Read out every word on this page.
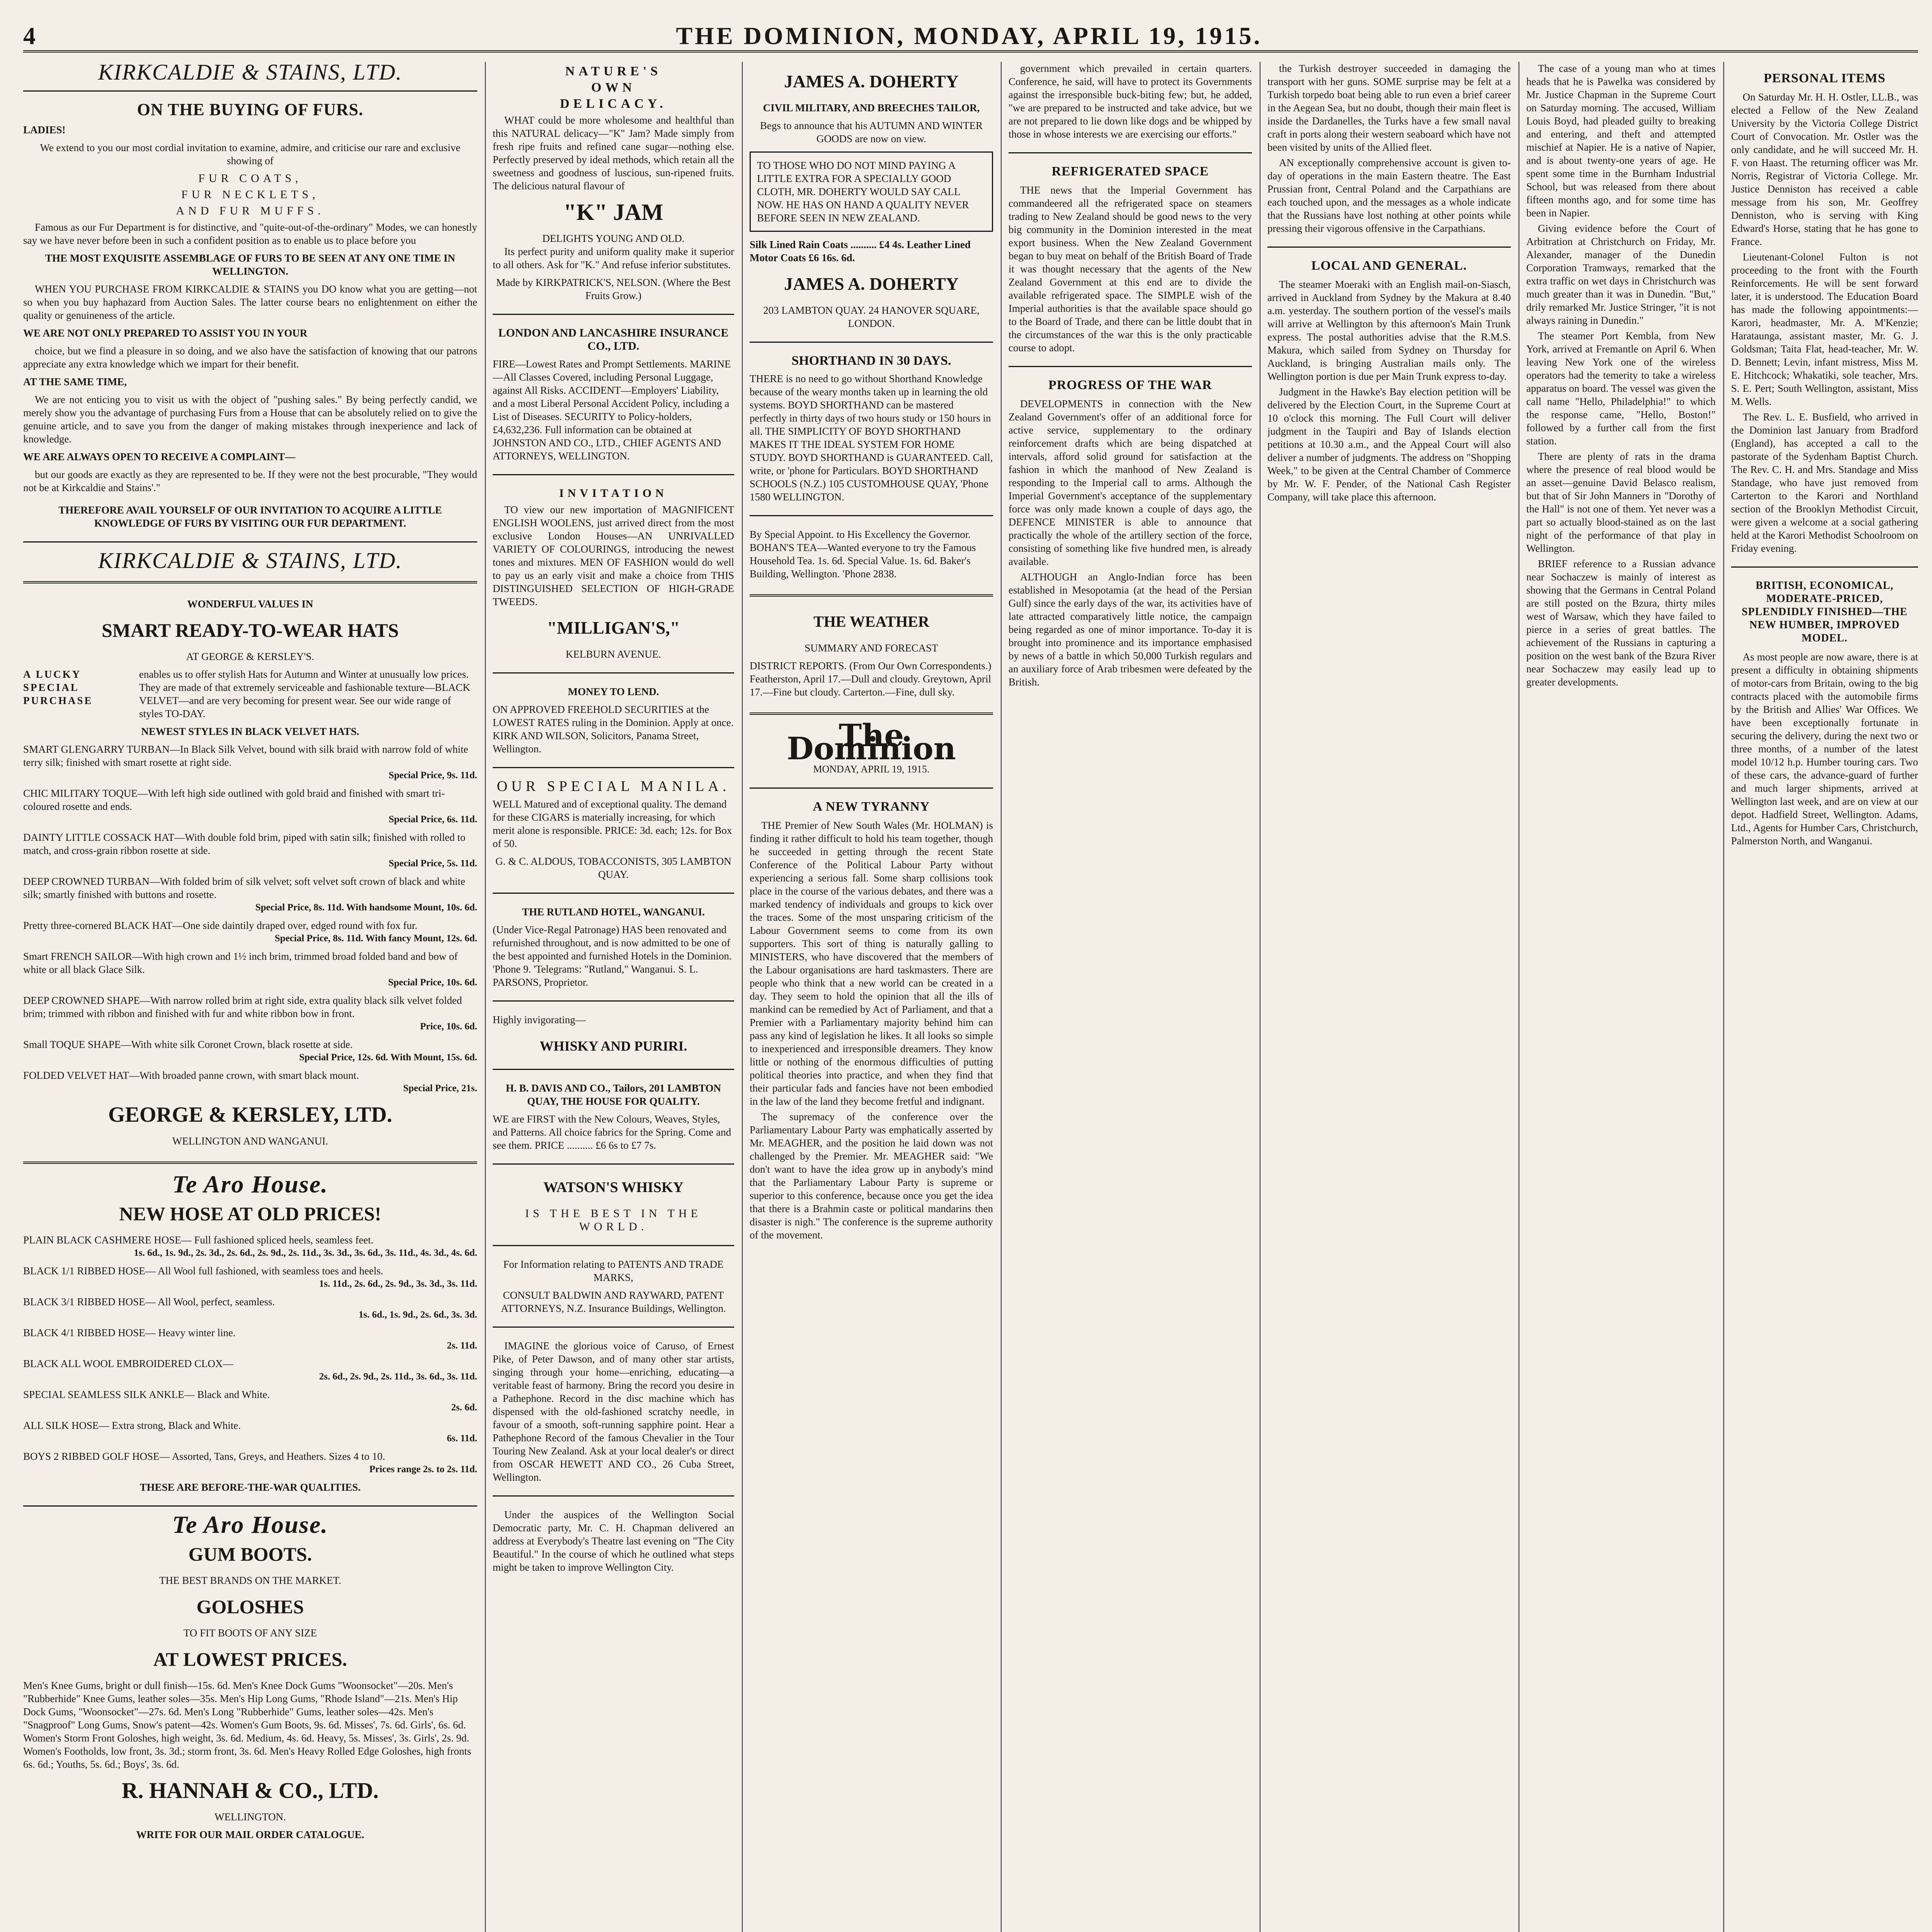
4	THE DOMINION, MONDAY, APRIL 19, 1915.
KIRKCALDIE & STAINS, LTD.
ON THE BUYING OF FURS.
LADIES!
We extend to you our most cordial invitation to examine, admire, and criticise our rare and exclusive showing of
FUR COATS,
FUR NECKLETS,
AND FUR MUFFS.
Famous as our Fur Department is for distinctive, and "quite-out-of-the-ordinary" Modes, we can honestly say we have never before been in such a confident position as to enable us to place before you
THE MOST EXQUISITE ASSEMBLAGE OF FURS TO BE SEEN AT ANY ONE TIME IN WELLINGTON.
WHEN YOU PURCHASE FROM KIRKCALDIE & STAINS you DO know what you are getting—not so when you buy haphazard from Auction Sales. The latter course bears no enlightenment on either the quality or genuineness of the article.
WE ARE NOT ONLY PREPARED TO ASSIST YOU IN YOUR
choice, but we find a pleasure in so doing, and we also have the satisfaction of knowing that our patrons appreciate any extra knowledge which we impart for their benefit.
AT THE SAME TIME,
We are not enticing you to visit us with the object of "pushing sales." By being perfectly candid, we merely show you the advantage of purchasing Furs from a House that can be absolutely relied on to give the genuine article, and to save you from the danger of making mistakes through inexperience and lack of knowledge.
WE ARE ALWAYS OPEN TO RECEIVE A COMPLAINT—
but our goods are exactly as they are represented to be. If they were not the best procurable, "They would not be at Kirkcaldie and Stains'."
THEREFORE AVAIL YOURSELF OF OUR INVITATION TO ACQUIRE A LITTLE KNOWLEDGE OF FURS BY VISITING OUR FUR DEPARTMENT.
KIRKCALDIE & STAINS, LTD.
WONDERFUL VALUES IN
SMART READY-TO-WEAR HATS
AT GEORGE & KERSLEY'S.
A LUCKY SPECIAL PURCHASE
enables us to offer stylish Hats for Autumn and Winter at unusually low prices. They are made of that extremely serviceable and fashionable texture—BLACK VELVET—and are very becoming for present wear. See our wide range of styles TO-DAY.
NEWEST STYLES IN BLACK VELVET HATS.
SMART GLENGARRY TURBAN—In Black Silk Velvet, bound with silk braid with narrow fold of white terry silk; finished with smart rosette at right side.
Special Price, 9s. 11d.
CHIC MILITARY TOQUE—With left high side outlined with gold braid and finished with smart tri-coloured rosette and ends.
Special Price, 6s. 11d.
DAINTY LITTLE COSSACK HAT—With double fold brim, piped with satin silk; finished with rolled to match, and cross-grain ribbon rosette at side.
Special Price, 5s. 11d.
DEEP CROWNED TURBAN—With folded brim of silk velvet; soft velvet soft crown of black and white silk; smartly finished with buttons and rosette.
Special Price, 8s. 11d. With handsome Mount, 10s. 6d.
Pretty three-cornered BLACK HAT—One side daintily draped over, edged round with fox fur.
Special Price, 8s. 11d. With fancy Mount, 12s. 6d.
Smart FRENCH SAILOR—With high crown and 1½ inch brim, trimmed broad folded band and bow of white or all black Glace Silk.
Special Price, 10s. 6d.
DEEP CROWNED SHAPE—With narrow rolled brim at right side, extra quality black silk velvet folded brim; trimmed with ribbon and finished with fur and white ribbon bow in front.
Price, 10s. 6d.
Small TOQUE SHAPE—With white silk Coronet Crown, black rosette at side.
Special Price, 12s. 6d. With Mount, 15s. 6d.
FOLDED VELVET HAT—With broaded panne crown, with smart black mount.
Special Price, 21s.
GEORGE & KERSLEY, LTD.
WELLINGTON AND WANGANUI.
Te Aro House.
NEW HOSE AT OLD PRICES!
PLAIN BLACK CASHMERE HOSE— Full fashioned spliced heels, seamless feet.
1s. 6d., 1s. 9d., 2s. 3d., 2s. 6d., 2s. 9d., 2s. 11d., 3s. 3d., 3s. 6d., 3s. 11d., 4s. 3d., 4s. 6d.
BLACK 1/1 RIBBED HOSE— All Wool full fashioned, with seamless toes and heels.
1s. 11d., 2s. 6d., 2s. 9d., 3s. 3d., 3s. 11d.
BLACK 3/1 RIBBED HOSE— All Wool, perfect, seamless.
1s. 6d., 1s. 9d., 2s. 6d., 3s. 3d.
BLACK 4/1 RIBBED HOSE— Heavy winter line.
2s. 11d.
BLACK ALL WOOL EMBROIDERED CLOX—
2s. 6d., 2s. 9d., 2s. 11d., 3s. 6d., 3s. 11d.
SPECIAL SEAMLESS SILK ANKLE— Black and White.
2s. 6d.
ALL SILK HOSE— Extra strong, Black and White.
6s. 11d.
BOYS 2 RIBBED GOLF HOSE— Assorted, Tans, Greys, and Heathers. Sizes 4 to 10.
Prices range 2s. to 2s. 11d.
THESE ARE BEFORE-THE-WAR QUALITIES.
Te Aro House.
GUM BOOTS.
THE BEST BRANDS ON THE MARKET.
GOLOSHES
TO FIT BOOTS OF ANY SIZE
AT LOWEST PRICES.
Men's Knee Gums, bright or dull finish—15s. 6d. Men's Knee Dock Gums "Woonsocket"—20s. Men's "Rubberhide" Knee Gums, leather soles—35s. Men's Hip Long Gums, "Rhode Island"—21s. Men's Hip Dock Gums, "Woonsocket"—27s. 6d. Men's Long "Rubberhide" Gums, leather soles—42s. Men's "Snagproof" Long Gums, Snow's patent—42s. Women's Gum Boots, 9s. 6d. Misses', 7s. 6d. Girls', 6s. 6d. Women's Storm Front Goloshes, high weight, 3s. 6d. Medium, 4s. 6d. Heavy, 5s. Misses', 3s. Girls', 2s. 9d. Women's Footholds, low front, 3s. 3d.; storm front, 3s. 6d. Men's Heavy Rolled Edge Goloshes, high fronts 6s. 6d.; Youths, 5s. 6d.; Boys', 3s. 6d.
R. HANNAH & CO., LTD.
WELLINGTON.
WRITE FOR OUR MAIL ORDER CATALOGUE.
NATURE'S
OWN
DELICACY.
WHAT could be more wholesome and healthful than this NATURAL delicacy—"K" Jam? Made simply from fresh ripe fruits and refined cane sugar—nothing else. Perfectly preserved by ideal methods, which retain all the sweetness and goodness of luscious, sun-ripened fruits. The delicious natural flavour of
"K" JAM
DELIGHTS YOUNG AND OLD.
Its perfect purity and uniform quality make it superior to all others. Ask for "K." And refuse inferior substitutes.
Made by KIRKPATRICK'S, NELSON. (Where the Best Fruits Grow.)
LONDON AND LANCASHIRE INSURANCE CO., LTD.
FIRE—Lowest Rates and Prompt Settlements. MARINE—All Classes Covered, including Personal Luggage, against All Risks. ACCIDENT—Employers' Liability, and a most Liberal Personal Accident Policy, including a List of Diseases. SECURITY to Policy-holders, £4,632,236. Full information can be obtained at JOHNSTON AND CO., LTD., CHIEF AGENTS AND ATTORNEYS, WELLINGTON.
INVITATION
TO view our new importation of MAGNIFICENT ENGLISH WOOLENS, just arrived direct from the most exclusive London Houses—AN UNRIVALLED VARIETY OF COLOURINGS, introducing the newest tones and mixtures. MEN OF FASHION would do well to pay us an early visit and make a choice from THIS DISTINGUISHED SELECTION OF HIGH-GRADE TWEEDS.
"MILLIGAN'S,"
KELBURN AVENUE.
MONEY TO LEND.
ON APPROVED FREEHOLD SECURITIES at the LOWEST RATES ruling in the Dominion. Apply at once. KIRK AND WILSON, Solicitors, Panama Street, Wellington.
OUR SPECIAL MANILA.
WELL Matured and of exceptional quality. The demand for these CIGARS is materially increasing, for which merit alone is responsible. PRICE: 3d. each; 12s. for Box of 50.
G. & C. ALDOUS, TOBACCONISTS, 305 LAMBTON QUAY.
THE RUTLAND HOTEL, WANGANUI.
(Under Vice-Regal Patronage) HAS been renovated and refurnished throughout, and is now admitted to be one of the best appointed and furnished Hotels in the Dominion. 'Phone 9. 'Telegrams: "Rutland," Wanganui. S. L. PARSONS, Proprietor.
Highly invigorating—
WHISKY AND PURIRI.
H. B. DAVIS AND CO., Tailors, 201 LAMBTON QUAY, THE HOUSE FOR QUALITY.
WE are FIRST with the New Colours, Weaves, Styles, and Patterns. All choice fabrics for the Spring. Come and see them. PRICE .......... £6 6s to £7 7s.
WATSON'S WHISKY
IS THE BEST IN THE WORLD.
For Information relating to PATENTS AND TRADE MARKS,
CONSULT BALDWIN AND RAYWARD, PATENT ATTORNEYS, N.Z. Insurance Buildings, Wellington.
IMAGINE the glorious voice of Caruso, of Ernest Pike, of Peter Dawson, and of many other star artists, singing through your home—enriching, educating—a veritable feast of harmony. Bring the record you desire in a Pathephone. Record in the disc machine which has dispensed with the old-fashioned scratchy needle, in favour of a smooth, soft-running sapphire point. Hear a Pathephone Record of the famous Chevalier in the Tour Touring New Zealand. Ask at your local dealer's or direct from OSCAR HEWETT AND CO., 26 Cuba Street, Wellington.
Under the auspices of the Wellington Social Democratic party, Mr. C. H. Chapman delivered an address at Everybody's Theatre last evening on "The City Beautiful." In the course of which he outlined what steps might be taken to improve Wellington City.
JAMES A. DOHERTY
CIVIL MILITARY, AND BREECHES TAILOR,
Begs to announce that his AUTUMN AND WINTER GOODS are now on view.
TO THOSE WHO DO NOT MIND PAYING A LITTLE EXTRA FOR A SPECIALLY GOOD CLOTH, MR. DOHERTY WOULD SAY CALL NOW. HE HAS ON HAND A QUALITY NEVER BEFORE SEEN IN NEW ZEALAND.
Silk Lined Rain Coats .......... £4 4s. Leather Lined Motor Coats £6 16s. 6d.
JAMES A. DOHERTY
203 LAMBTON QUAY. 24 HANOVER SQUARE, LONDON.
SHORTHAND IN 30 DAYS.
THERE is no need to go without Shorthand Knowledge because of the weary months taken up in learning the old systems. BOYD SHORTHAND can be mastered perfectly in thirty days of two hours study or 150 hours in all. THE SIMPLICITY OF BOYD SHORTHAND MAKES IT THE IDEAL SYSTEM FOR HOME STUDY. BOYD SHORTHAND is GUARANTEED. Call, write, or 'phone for Particulars. BOYD SHORTHAND SCHOOLS (N.Z.) 105 CUSTOMHOUSE QUAY, 'Phone 1580 WELLINGTON.
By Special Appoint. to His Excellency the Governor. BOHAN'S TEA—Wanted everyone to try the Famous Household Tea. 1s. 6d. Special Value. 1s. 6d. Baker's Building, Wellington. 'Phone 2838.
THE WEATHER
SUMMARY AND FORECAST
DISTRICT REPORTS. (From Our Own Correspondents.) Featherston, April 17.—Dull and cloudy. Greytown, April 17.—Fine but cloudy. Carterton.—Fine, dull sky.
The Dominion
MONDAY, APRIL 19, 1915.
A NEW TYRANNY
THE Premier of New South Wales (Mr. HOLMAN) is finding it rather difficult to hold his team together, though he succeeded in getting through the recent State Conference of the Political Labour Party without experiencing a serious fall. Some sharp collisions took place in the course of the various debates, and there was a marked tendency of individuals and groups to kick over the traces. Some of the most unsparing criticism of the Labour Government seems to come from its own supporters. This sort of thing is naturally galling to MINISTERS, who have discovered that the members of the Labour organisations are hard taskmasters. There are people who think that a new world can be created in a day. They seem to hold the opinion that all the ills of mankind can be remedied by Act of Parliament, and that a Premier with a Parliamentary majority behind him can pass any kind of legislation he likes. It all looks so simple to inexperienced and irresponsible dreamers. They know little or nothing of the enormous difficulties of putting political theories into practice, and when they find that their particular fads and fancies have not been embodied in the law of the land they become fretful and indignant.
The supremacy of the conference over the Parliamentary Labour Party was emphatically asserted by Mr. MEAGHER, and the position he laid down was not challenged by the Premier. Mr. MEAGHER said: "We don't want to have the idea grow up in anybody's mind that the Parliamentary Labour Party is supreme or superior to this conference, because once you get the idea that there is a Brahmin caste or political mandarins then disaster is nigh." The conference is the supreme authority of the movement.
government which prevailed in certain quarters. Conference, he said, will have to protect its Governments against the irresponsible buck-biting few; but, he added, "we are prepared to be instructed and take advice, but we are not prepared to lie down like dogs and be whipped by those in whose interests we are exercising our efforts."
REFRIGERATED SPACE
THE news that the Imperial Government has commandeered all the refrigerated space on steamers trading to New Zealand should be good news to the very big community in the Dominion interested in the meat export business. When the New Zealand Government began to buy meat on behalf of the British Board of Trade it was thought necessary that the agents of the New Zealand Government at this end are to divide the available refrigerated space. The SIMPLE wish of the Imperial authorities is that the available space should go to the Board of Trade, and there can be little doubt that in the circumstances of the war this is the only practicable course to adopt.
PROGRESS OF THE WAR
DEVELOPMENTS in connection with the New Zealand Government's offer of an additional force for active service, supplementary to the ordinary reinforcement drafts which are being dispatched at intervals, afford solid ground for satisfaction at the fashion in which the manhood of New Zealand is responding to the Imperial call to arms. Although the Imperial Government's acceptance of the supplementary force was only made known a couple of days ago, the DEFENCE MINISTER is able to announce that practically the whole of the artillery section of the force, consisting of something like five hundred men, is already available.
ALTHOUGH an Anglo-Indian force has been established in Mesopotamia (at the head of the Persian Gulf) since the early days of the war, its activities have of late attracted comparatively little notice, the campaign being regarded as one of minor importance. To-day it is brought into prominence and its importance emphasised by news of a battle in which 50,000 Turkish regulars and an auxiliary force of Arab tribesmen were defeated by the British.
the Turkish destroyer succeeded in damaging the transport with her guns. SOME surprise may be felt at a Turkish torpedo boat being able to run even a brief career in the Aegean Sea, but no doubt, though their main fleet is inside the Dardanelles, the Turks have a few small naval craft in ports along their western seaboard which have not been visited by units of the Allied fleet.
AN exceptionally comprehensive account is given to-day of operations in the main Eastern theatre. The East Prussian front, Central Poland and the Carpathians are each touched upon, and the messages as a whole indicate that the Russians have lost nothing at other points while pressing their vigorous offensive in the Carpathians.
LOCAL AND GENERAL.
The steamer Moeraki with an English mail-on-Siasch, arrived in Auckland from Sydney by the Makura at 8.40 a.m. yesterday. The southern portion of the vessel's mails will arrive at Wellington by this afternoon's Main Trunk express. The postal authorities advise that the R.M.S. Makura, which sailed from Sydney on Thursday for Auckland, is bringing Australian mails only. The Wellington portion is due per Main Trunk express to-day.
Judgment in the Hawke's Bay election petition will be delivered by the Election Court, in the Supreme Court at 10 o'clock this morning. The Full Court will deliver judgment in the Taupiri and Bay of Islands election petitions at 10.30 a.m., and the Appeal Court will also deliver a number of judgments. The address on "Shopping Week," to be given at the Central Chamber of Commerce by Mr. W. F. Pender, of the National Cash Register Company, will take place this afternoon.
The case of a young man who at times heads that he is Pawelka was considered by Mr. Justice Chapman in the Supreme Court on Saturday morning. The accused, William Louis Boyd, had pleaded guilty to breaking and entering, and theft and attempted mischief at Napier. He is a native of Napier, and is about twenty-one years of age. He spent some time in the Burnham Industrial School, but was released from there about fifteen months ago, and for some time has been in Napier.
Giving evidence before the Court of Arbitration at Christchurch on Friday, Mr. Alexander, manager of the Dunedin Corporation Tramways, remarked that the extra traffic on wet days in Christchurch was much greater than it was in Dunedin. "But," drily remarked Mr. Justice Stringer, "it is not always raining in Dunedin."
The steamer Port Kembla, from New York, arrived at Fremantle on April 6. When leaving New York one of the wireless operators had the temerity to take a wireless apparatus on board. The vessel was given the call name "Hello, Philadelphia!" to which the response came, "Hello, Boston!" followed by a further call from the first station.
There are plenty of rats in the drama where the presence of real blood would be an asset—genuine David Belasco realism, but that of Sir John Manners in "Dorothy of the Hall" is not one of them. Yet never was a part so actually blood-stained as on the last night of the performance of that play in Wellington.
BRIEF reference to a Russian advance near Sochaczew is mainly of interest as showing that the Germans in Central Poland are still posted on the Bzura, thirty miles west of Warsaw, which they have failed to pierce in a series of great battles. The achievement of the Russians in capturing a position on the west bank of the Bzura River near Sochaczew may easily lead up to greater developments.
PERSONAL ITEMS
On Saturday Mr. H. H. Ostler, LL.B., was elected a Fellow of the New Zealand University by the Victoria College District Court of Convocation. Mr. Ostler was the only candidate, and he will succeed Mr. H. F. von Haast. The returning officer was Mr. Norris, Registrar of Victoria College. Mr. Justice Denniston has received a cable message from his son, Mr. Geoffrey Denniston, who is serving with King Edward's Horse, stating that he has gone to France.
Lieutenant-Colonel Fulton is not proceeding to the front with the Fourth Reinforcements. He will be sent forward later, it is understood. The Education Board has made the following appointments:—Karori, headmaster, Mr. A. M'Kenzie; Harataunga, assistant master, Mr. G. J. Goldsman; Taita Flat, head-teacher, Mr. W. D. Bennett; Levin, infant mistress, Miss M. E. Hitchcock; Whakatiki, sole teacher, Mrs. S. E. Pert; South Wellington, assistant, Miss M. Wells.
The Rev. L. E. Busfield, who arrived in the Dominion last January from Bradford (England), has accepted a call to the pastorate of the Sydenham Baptist Church. The Rev. C. H. and Mrs. Standage and Miss Standage, who have just removed from Carterton to the Karori and Northland section of the Brooklyn Methodist Circuit, were given a welcome at a social gathering held at the Karori Methodist Schoolroom on Friday evening.
BRITISH, ECONOMICAL, MODERATE-PRICED, SPLENDIDLY FINISHED—THE NEW HUMBER, IMPROVED MODEL.
As most people are now aware, there is at present a difficulty in obtaining shipments of motor-cars from Britain, owing to the big contracts placed with the automobile firms by the British and Allies' War Offices. We have been exceptionally fortunate in securing the delivery, during the next two or three months, of a number of the latest model 10/12 h.p. Humber touring cars. Two of these cars, the advance-guard of further and much larger shipments, arrived at Wellington last week, and are on view at our depot. Hadfield Street, Wellington. Adams, Ltd., Agents for Humber Cars, Christchurch, Palmerston North, and Wanganui.
